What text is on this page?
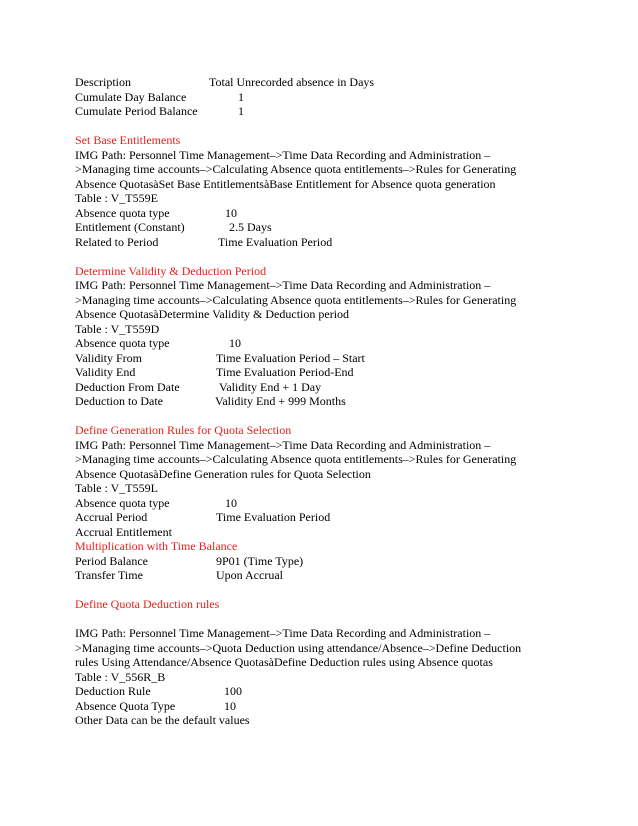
Description	Total Unrecorded absence in Days
Cumulate Day Balance	1
Cumulate Period Balance	1
Set Base Entitlements
IMG Path: Personnel Time Management–>Time Data Recording and Administration –
>Managing time accounts–>Calculating Absence quota entitlements–>Rules for Generating
Absence QuotasàSet Base EntitlementsàBase Entitlement for Absence quota generation
Table : V_T559E
Absence quota type	10
Entitlement (Constant)	2.5 Days
Related to Period	Time Evaluation Period
Determine Validity & Deduction Period
IMG Path: Personnel Time Management–>Time Data Recording and Administration –
>Managing time accounts–>Calculating Absence quota entitlements–>Rules for Generating
Absence QuotasàDetermine Validity & Deduction period
Table : V_T559D
Absence quota type	10
Validity From	Time Evaluation Period – Start
Validity End	Time Evaluation Period-End
Deduction From Date	Validity End + 1 Day
Deduction to Date	Validity End + 999 Months
Define Generation Rules for Quota Selection
IMG Path: Personnel Time Management–>Time Data Recording and Administration –
>Managing time accounts–>Calculating Absence quota entitlements–>Rules for Generating
Absence QuotasàDefine Generation rules for Quota Selection
Table : V_T559L
Absence quota type	10
Accrual Period	Time Evaluation Period
Accrual Entitlement
Multiplication with Time Balance
Period Balance	9P01 (Time Type)
Transfer Time	Upon Accrual
Define Quota Deduction rules
IMG Path: Personnel Time Management–>Time Data Recording and Administration –
>Managing time accounts–>Quota Deduction using attendance/Absence–>Define Deduction
rules Using Attendance/Absence QuotasàDefine Deduction rules using Absence quotas
Table : V_556R_B
Deduction Rule	100
Absence Quota Type	10
Other Data can be the default values
